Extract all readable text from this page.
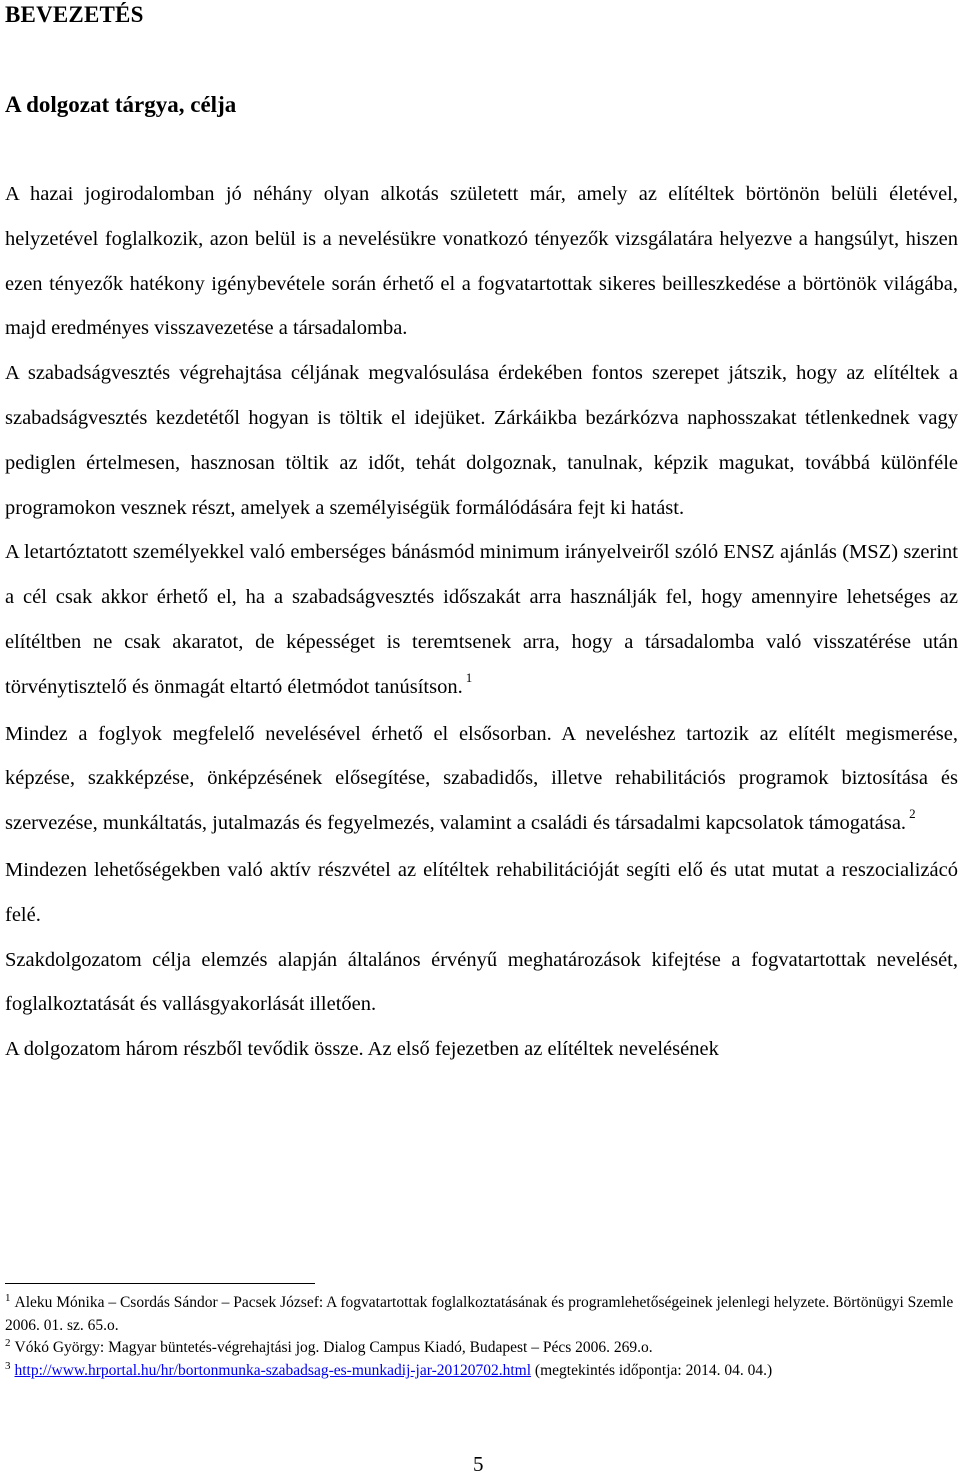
BEVEZETÉS
A dolgozat tárgya, célja

A hazai jogirodalomban jó néhány olyan alkotás született már, amely az elítéltek börtönön belüli életével, helyzetével foglalkozik, azon belül is a nevelésükre vonatkozó tényezők vizsgálatára helyezve a hangsúlyt, hiszen ezen tényezők hatékony igénybevétele során érhető el a fogvatartottak sikeres beilleszkedése a börtönök világába, majd eredményes visszavezetése a társadalomba.

A szabadságvesztés végrehajtása céljának megvalósulása érdekében fontos szerepet játszik, hogy az elítéltek a szabadságvesztés kezdetétől hogyan is töltik el idejüket. Zárkáikba bezárkózva naphosszakat tétlenkednek vagy pediglen értelmesen, hasznosan töltik az időt, tehát dolgoznak, tanulnak, képzik magukat, továbbá különféle programokon vesznek részt, amelyek a személyiségük formálódására fejt ki hatást.

A letartóztatott személyekkel való emberséges bánásmód minimum irányelveiről szóló ENSZ ajánlás (MSZ) szerint a cél csak akkor érhető el, ha a szabadságvesztés időszakát arra használják fel, hogy amennyire lehetséges az elítéltben ne csak akaratot, de képességet is teremtsenek arra, hogy a társadalomba való visszatérése után törvénytisztelő és önmagát eltartó életmódot tanúsítson. $^1$

Mindez a foglyok megfelelő nevelésével érhető el elsősorban. A neveléshez tartozik az elítélt megismerése, képzése, szakképzése, önképzésének elősegítése, szabadidős, illetve rehabilitációs programok biztosítása és szervezése, munkáltatás, jutalmazás és fegyelmezés, valamint a családi és társadalmi kapcsolatok támogatása. $^2$

Mindezen lehetőségekben való aktív részvétel az elítéltek rehabilitációját segíti elő és utat mutat a reszocializácó felé.

Szakdolgozatom célja elemzés alapján általános érvényű meghatározások kifejtése a fogvatartottak nevelését, foglalkoztatását és vallásgyakorlását illetően.

A dolgozatom három részből tevődik össze. Az első fejezetben az elítéltek nevelésének

$^1$ Aleku Mónika – Csordás Sándor – Pacsek József: A fogvatartottak foglalkoztatásának és programlehetőségeinek jelenlegi helyzete. Börtönügyi Szemle 2006. 01. sz. 65.o.

$^2$ Vókó György: Magyar büntetés-végrehajtási jog. Dialog Campus Kiadó, Budapest – Pécs 2006. 269.o.

$^3$ http://www.hrportal.hu/hr/bortonmunka-szabadsag-es-munkadij-jar-20120702.html (megtekintés időpontja: 2014. 04. 04.)

5
